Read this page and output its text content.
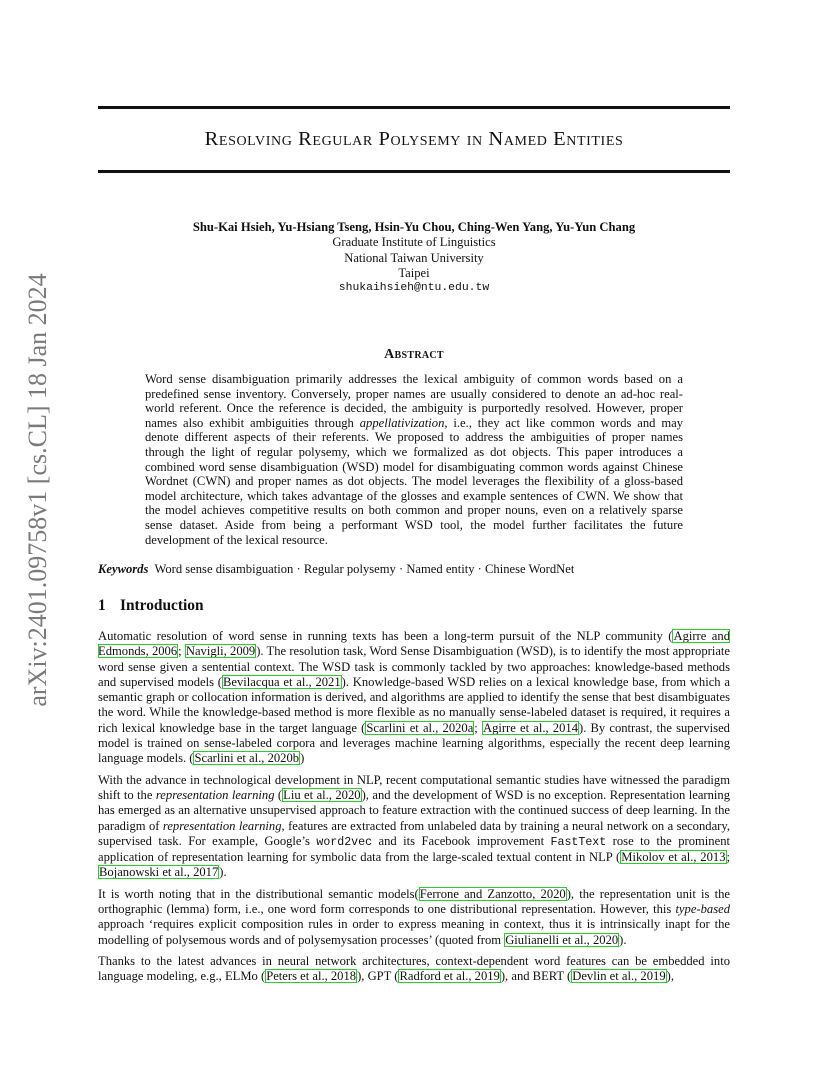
arXiv:2401.09758v1 [cs.CL] 18 Jan 2024
Resolving Regular Polysemy in Named Entities
Shu-Kai Hsieh, Yu-Hsiang Tseng, Hsin-Yu Chou, Ching-Wen Yang, Yu-Yun Chang
Graduate Institute of Linguistics
National Taiwan University
Taipei
shukaihsieh@ntu.edu.tw
Abstract
Word sense disambiguation primarily addresses the lexical ambiguity of common words based on a predefined sense inventory. Conversely, proper names are usually considered to denote an ad-hoc real-world referent. Once the reference is decided, the ambiguity is purportedly resolved. However, proper names also exhibit ambiguities through appellativization, i.e., they act like common words and may denote different aspects of their referents. We proposed to address the ambiguities of proper names through the light of regular polysemy, which we formalized as dot objects. This paper introduces a combined word sense disambiguation (WSD) model for disambiguating common words against Chinese Wordnet (CWN) and proper names as dot objects. The model leverages the flexibility of a gloss-based model architecture, which takes advantage of the glosses and example sentences of CWN. We show that the model achieves competitive results on both common and proper nouns, even on a relatively sparse sense dataset. Aside from being a performant WSD tool, the model further facilitates the future development of the lexical resource.
Keywords Word sense disambiguation · Regular polysemy · Named entity · Chinese WordNet
1 Introduction

Automatic resolution of word sense in running texts has been a long-term pursuit of the NLP community (Agirre and Edmonds, 2006; Navigli, 2009). The resolution task, Word Sense Disambiguation (WSD), is to identify the most appropriate word sense given a sentential context. The WSD task is commonly tackled by two approaches: knowledge-based methods and supervised models (Bevilacqua et al., 2021). Knowledge-based WSD relies on a lexical knowledge base, from which a semantic graph or collocation information is derived, and algorithms are applied to identify the sense that best disambiguates the word. While the knowledge-based method is more flexible as no manually sense-labeled dataset is required, it requires a rich lexical knowledge base in the target language (Scarlini et al., 2020a; Agirre et al., 2014). By contrast, the supervised model is trained on sense-labeled corpora and leverages machine learning algorithms, especially the recent deep learning language models. (Scarlini et al., 2020b)

With the advance in technological development in NLP, recent computational semantic studies have witnessed the paradigm shift to the representation learning (Liu et al., 2020), and the development of WSD is no exception. Representation learning has emerged as an alternative unsupervised approach to feature extraction with the continued success of deep learning. In the paradigm of representation learning, features are extracted from unlabeled data by training a neural network on a secondary, supervised task. For example, Google’s word2vec and its Facebook improvement FastText rose to the prominent application of representation learning for symbolic data from the large-scaled textual content in NLP (Mikolov et al., 2013; Bojanowski et al., 2017).

It is worth noting that in the distributional semantic models(Ferrone and Zanzotto, 2020), the representation unit is the orthographic (lemma) form, i.e., one word form corresponds to one distributional representation. However, this type-based approach ‘requires explicit composition rules in order to express meaning in context, thus it is intrinsically inapt for the modelling of polysemous words and of polysemysation processes’ (quoted from Giulianelli et al., 2020).

Thanks to the latest advances in neural network architectures, context-dependent word features can be embedded into language modeling, e.g., ELMo (Peters et al., 2018), GPT (Radford et al., 2019), and BERT (Devlin et al., 2019),
